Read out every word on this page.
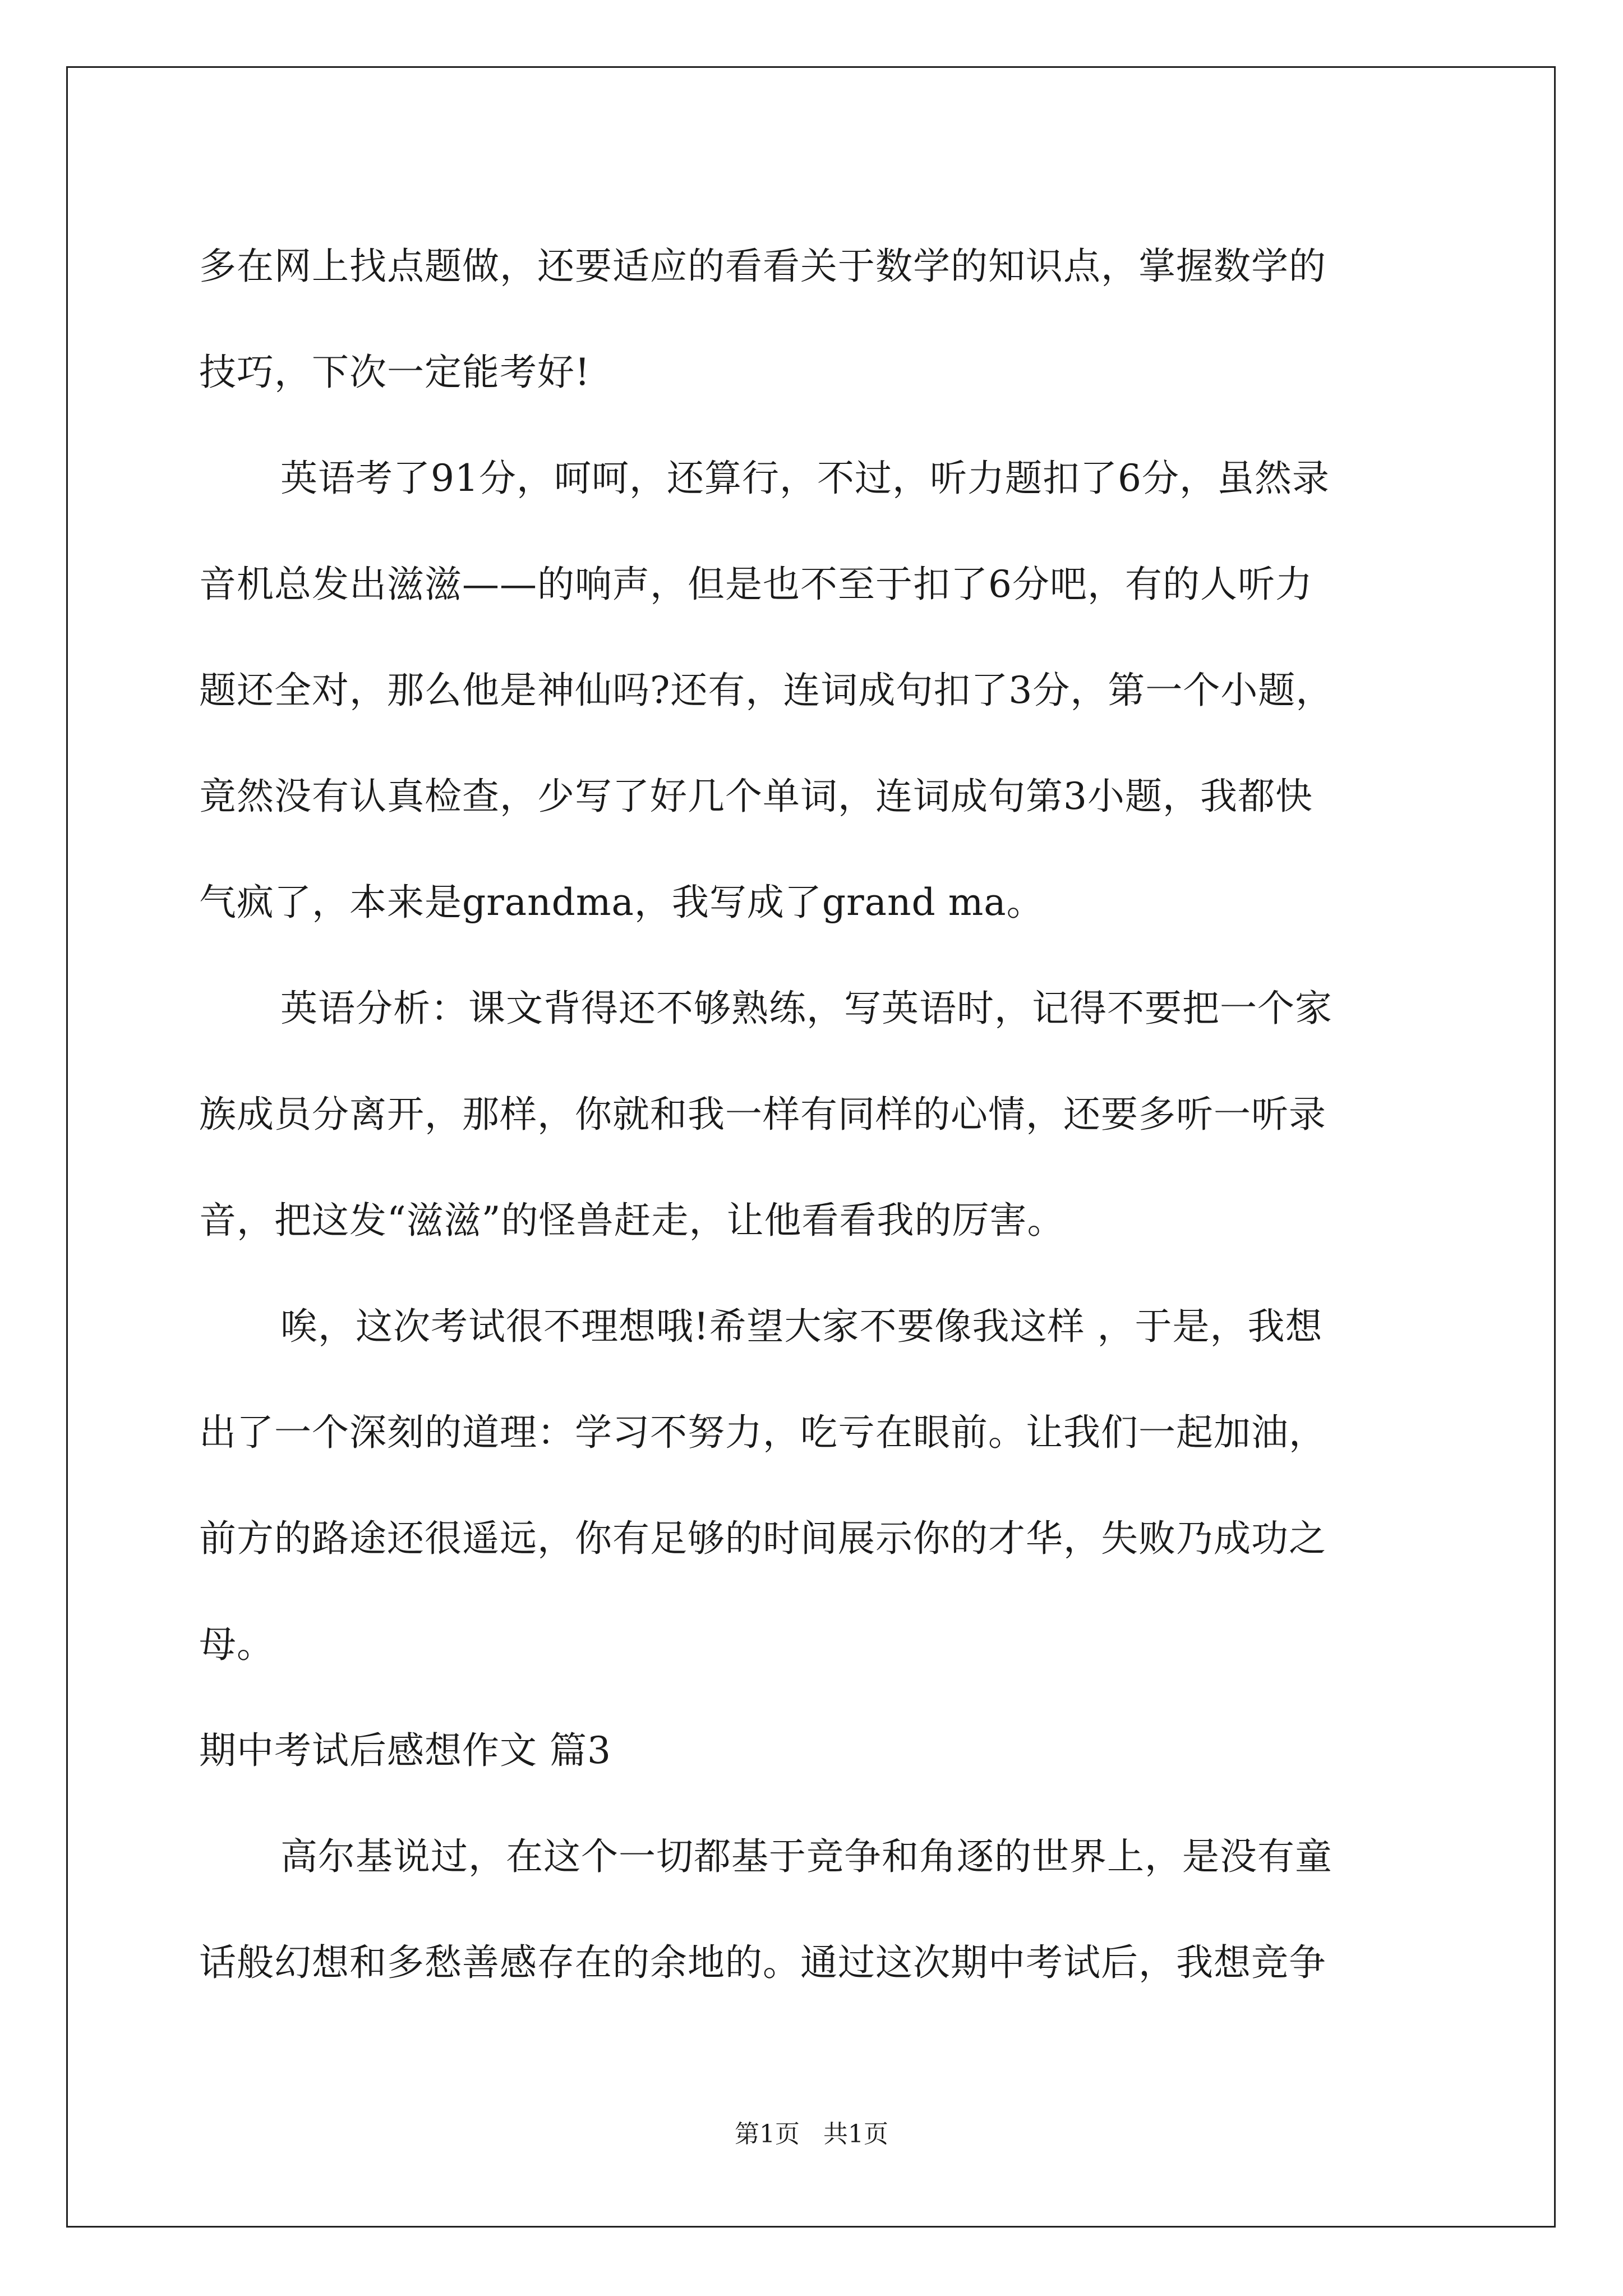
多在网上找点题做，还要适应的看看关于数学的知识点，掌握数学的
技巧，下次一定能考好!
英语考了91分，呵呵，还算行，不过，听力题扣了6分，虽然录
音机总发出滋滋——的响声，但是也不至于扣了6分吧，有的人听力
题还全对，那么他是神仙吗?还有，连词成句扣了3分，第一个小题，
竟然没有认真检查，少写了好几个单词，连词成句第3小题，我都快
气疯了，本来是grandma，我写成了grand ma。
英语分析：课文背得还不够熟练，写英语时，记得不要把一个家
族成员分离开，那样，你就和我一样有同样的心情，还要多听一听录
音，把这发“滋滋”的怪兽赶走，让他看看我的厉害。
唉，这次考试很不理想哦!希望大家不要像我这样 ，于是，我想
出了一个深刻的道理：学习不努力，吃亏在眼前。让我们一起加油，
前方的路途还很遥远，你有足够的时间展示你的才华，失败乃成功之
母。
期中考试后感想作文 篇3
高尔基说过，在这个一切都基于竞争和角逐的世界上，是没有童
话般幻想和多愁善感存在的余地的。通过这次期中考试后，我想竞争
第1页   共1页
